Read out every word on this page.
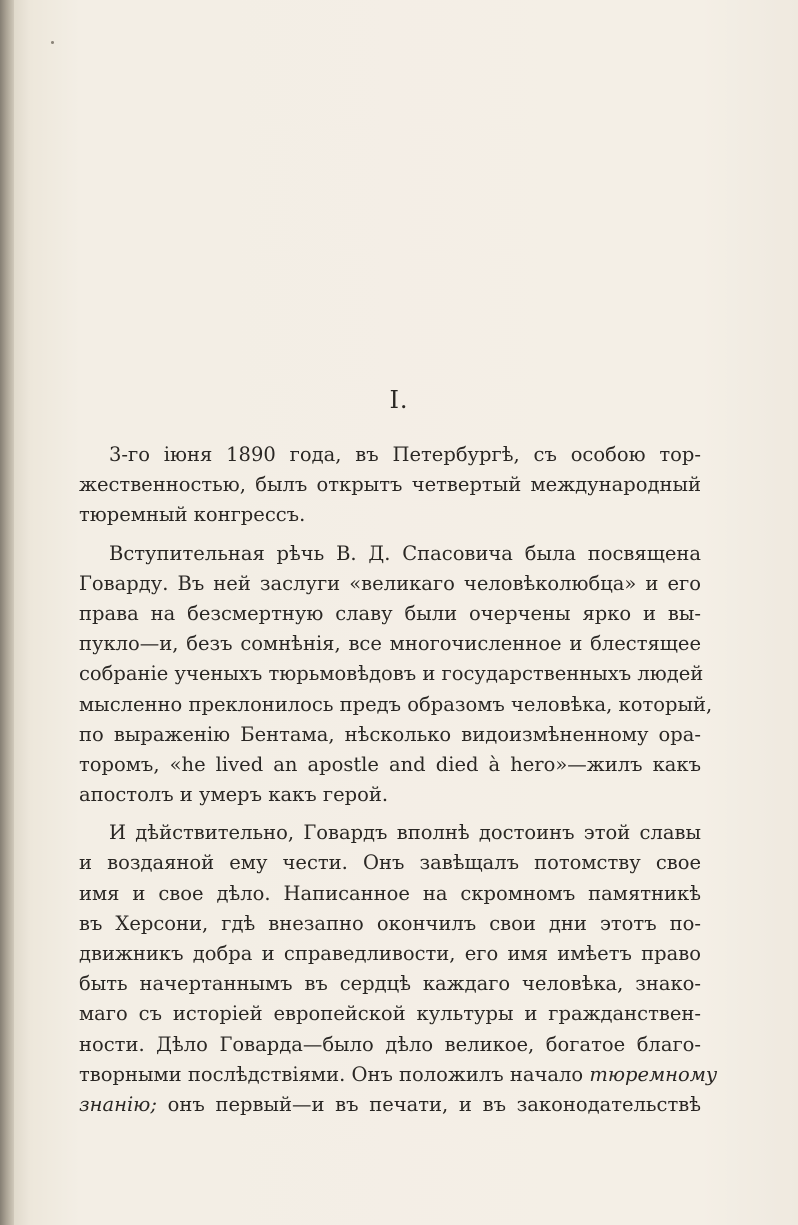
I.
3-го іюня 1890 года, въ Петербургѣ, съ особою тор-
жественностью, былъ открытъ четвертый международный
тюремный конгрессъ.
Вступительная рѣчь В. Д. Спасовича была посвящена
Говарду. Въ ней заслуги «великаго человѣколюбца» и его
права на безсмертную славу были очерчены ярко и вы-
пукло—и, безъ сомнѣнія, все многочисленное и блестящее
собраніе ученыхъ тюрьмовѣдовъ и государственныхъ людей
мысленно преклонилось предъ образомъ человѣка, который,
по выраженію Бентама, нѣсколько видоизмѣненному ора-
торомъ, «he lived an apostle and died à hero»—жилъ какъ
апостолъ и умеръ какъ герой.
И дѣйствительно, Говардъ вполнѣ достоинъ этой славы
и воздаяной ему чести. Онъ завѣщалъ потомству свое
имя и свое дѣло. Написанное на скромномъ памятникѣ
въ Херсони, гдѣ внезапно окончилъ свои дни этотъ по-
движникъ добра и справедливости, его имя имѣетъ право
быть начертаннымъ въ сердцѣ каждаго человѣка, знако-
маго съ исторіей европейской культуры и гражданствен-
ности. Дѣло Говарда—было дѣло великое, богатое благо-
творными послѣдствіями. Онъ положилъ начало тюремному
знанію; онъ первый—и въ печати, и въ законодательствѣ
